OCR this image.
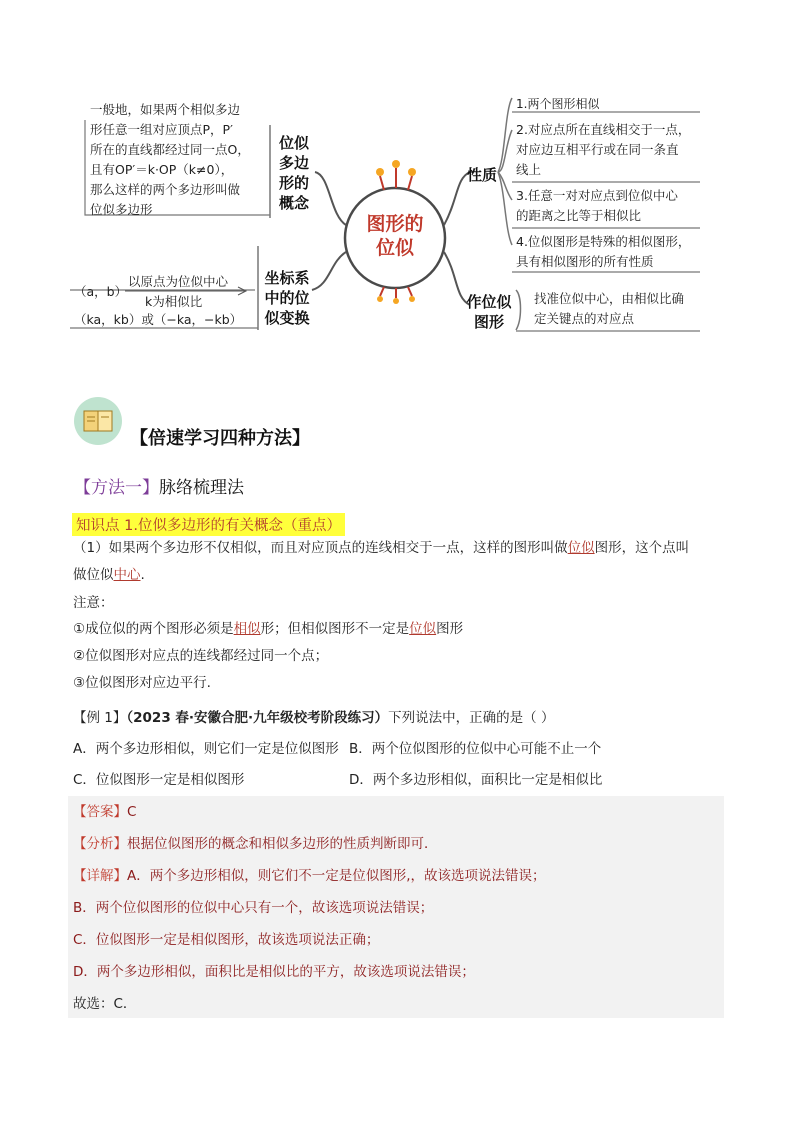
一般地，如果两个相似多边
形任意一组对应顶点P，P′
所在的直线都经过同一点O，
且有OP′＝k·OP（k≠0），
那么这样的两个多边形叫做
位似多边形
位似
多边
形的
概念
（a，b）
以原点为位似中心
k为相似比
（ka，kb）或（−ka，−kb）
坐标系
中的位
似变换
图形的
位似
性质
1.两个图形相似
2.对应点所在直线相交于一点，
对应边互相平行或在同一条直
线上
3.任意一对对应点到位似中心
的距离之比等于相似比
4.位似图形是特殊的相似图形，
具有相似图形的所有性质
作位似
图形
找准位似中心，由相似比确
定关键点的对应点
【倍速学习四种方法】
【方法一】脉络梳理法
知识点 1.位似多边形的有关概念（重点）
（1）如果两个多边形不仅相似，而且对应顶点的连线相交于一点，这样的图形叫做位似图形，这个点叫
做位似中心.
注意：
①成位似的两个图形必须是相似形；但相似图形不一定是位似图形
②位似图形对应点的连线都经过同一个点；
③位似图形对应边平行.
【例 1】（2023 春·安徽合肥·九年级校考阶段练习）下列说法中，正确的是（ ）
A．两个多边形相似，则它们一定是位似图形 B．两个位似图形的位似中心可能不止一个
C．位似图形一定是相似图形	D．两个多边形相似，面积比一定是相似比
【答案】C
【分析】根据位似图形的概念和相似多边形的性质判断即可．
【详解】A．两个多边形相似，则它们不一定是位似图形,，故该选项说法错误；
B．两个位似图形的位似中心只有一个，故该选项说法错误；
C．位似图形一定是相似图形，故该选项说法正确；
D．两个多边形相似，面积比是相似比的平方，故该选项说法错误；
故选：C．
